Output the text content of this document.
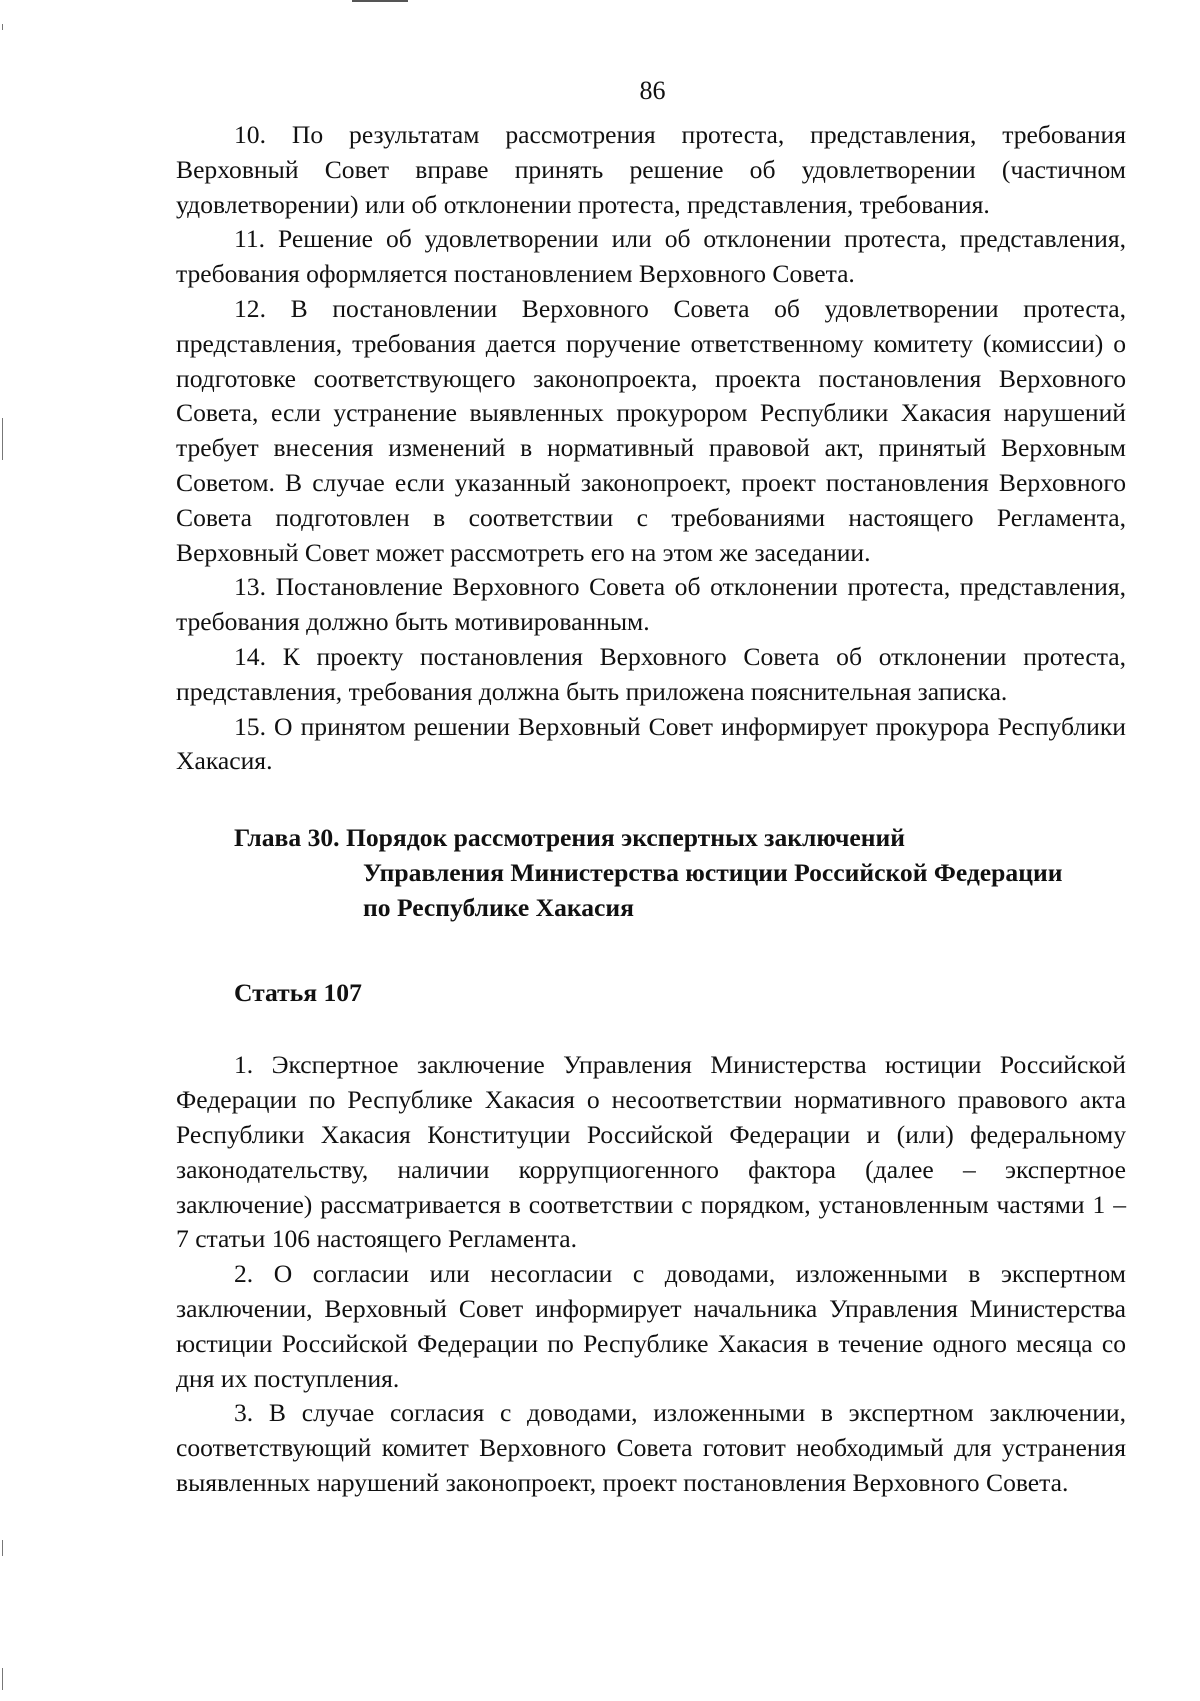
86

10. По результатам рассмотрения протеста, представления, требования Верховный Совет вправе принять решение об удовлетворении (частичном удовлетворении) или об отклонении протеста, представления, требования.

11. Решение об удовлетворении или об отклонении протеста, представления, требования оформляется постановлением Верховного Совета.

12. В постановлении Верховного Совета об удовлетворении протеста, представления, требования дается поручение ответственному комитету (комиссии) о подготовке соответствующего законопроекта, проекта постановления Верховного Совета, если устранение выявленных прокурором Республики Хакасия нарушений требует внесения изменений в нормативный правовой акт, принятый Верховным Советом. В случае если указанный законопроект, проект постановления Верховного Совета подготовлен в соответствии с требованиями настоящего Регламента, Верховный Совет может рассмотреть его на этом же заседании.

13. Постановление Верховного Совета об отклонении протеста, представления, требования должно быть мотивированным.

14. К проекту постановления Верховного Совета об отклонении протеста, представления, требования должна быть приложена пояснительная записка.

15. О принятом решении Верховный Совет информирует прокурора Республики Хакасия.

Глава 30. Порядок рассмотрения экспертных заключений
Управления Министерства юстиции Российской Федерации
по Республике Хакасия
Статья 107

1. Экспертное заключение Управления Министерства юстиции Российской Федерации по Республике Хакасия о несоответствии нормативного правового акта Республики Хакасия Конституции Российской Федерации и (или) федеральному законодательству, наличии коррупциогенного фактора (далее – экспертное заключение) рассматривается в соответствии с порядком, установленным частями 1 – 7 статьи 106 настоящего Регламента.

2. О согласии или несогласии с доводами, изложенными в экспертном заключении, Верховный Совет информирует начальника Управления Министерства юстиции Российской Федерации по Республике Хакасия в течение одного месяца со дня их поступления.

3. В случае согласия с доводами, изложенными в экспертном заключении, соответствующий комитет Верховного Совета готовит необходимый для устранения выявленных нарушений законопроект, проект постановления Верховного Совета.
